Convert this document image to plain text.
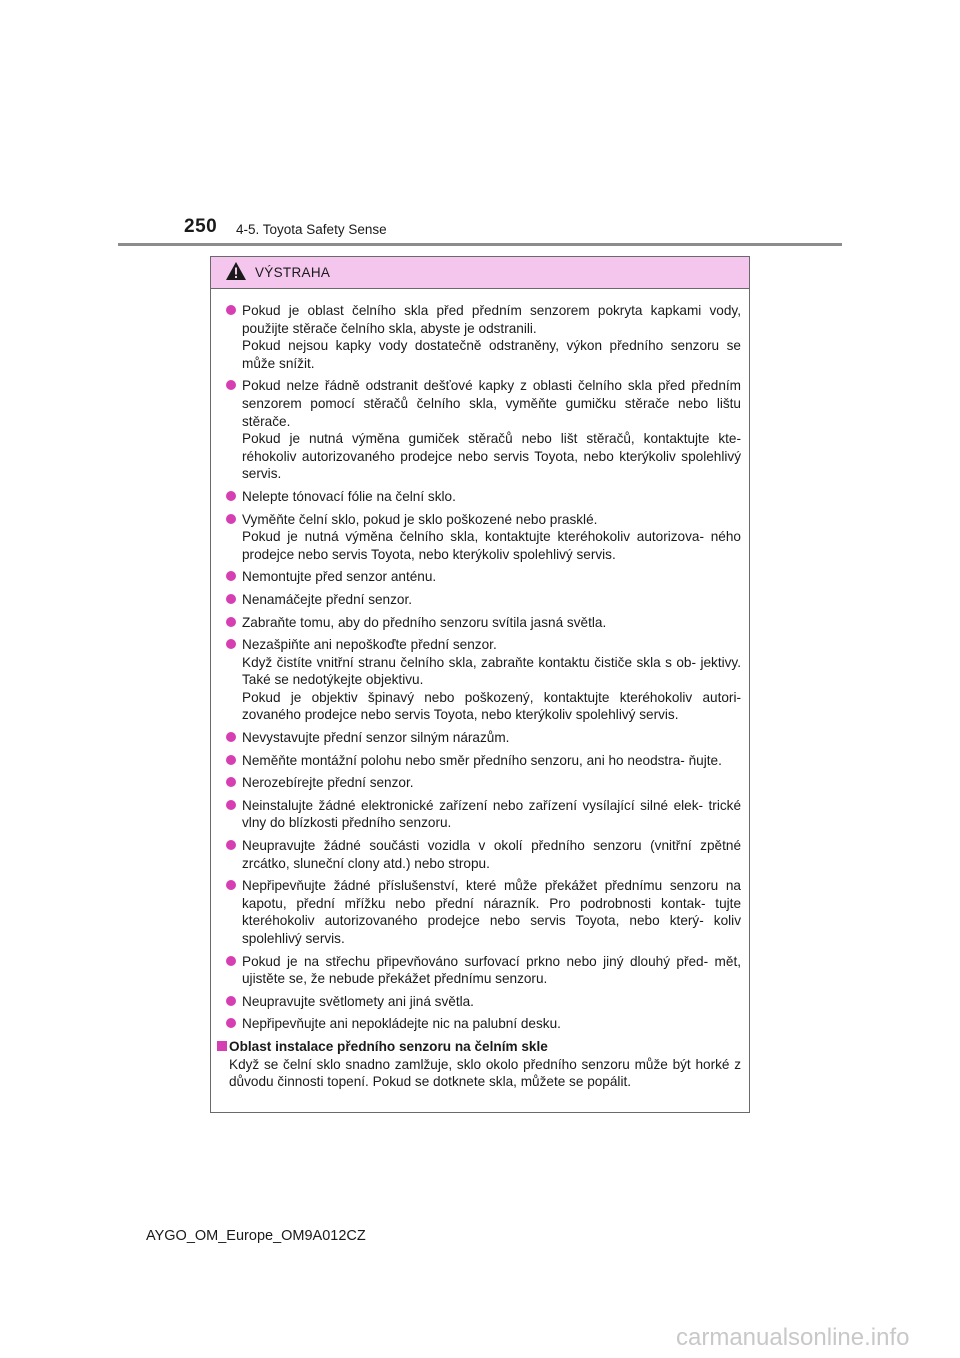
250 4-5. Toyota Safety Sense
VÝSTRAHA

Pokud je oblast čelního skla před předním senzorem pokryta kapkami vody, použijte stěrače čelního skla, abyste je odstranili.

Pokud nejsou kapky vody dostatečně odstraněny, výkon předního senzoru se může snížit.

Pokud nelze řádně odstranit dešťové kapky z oblasti čelního skla před předním senzorem pomocí stěračů čelního skla, vyměňte gumičku stěrače nebo lištu stěrače.

Pokud je nutná výměna gumiček stěračů nebo lišt stěračů, kontaktujte kte- réhokoliv autorizovaného prodejce nebo servis Toyota, nebo kterýkoliv spolehlivý servis.

Nelepte tónovací fólie na čelní sklo.

Vyměňte čelní sklo, pokud je sklo poškozené nebo prasklé.

Pokud je nutná výměna čelního skla, kontaktujte kteréhokoliv autorizova- ného prodejce nebo servis Toyota, nebo kterýkoliv spolehlivý servis.

Nemontujte před senzor anténu.

Nenamáčejte přední senzor.

Zabraňte tomu, aby do předního senzoru svítila jasná světla.

Nezašpiňte ani nepoškoďte přední senzor.

Když čistíte vnitřní stranu čelního skla, zabraňte kontaktu čističe skla s ob- jektivy. Také se nedotýkejte objektivu.

Pokud je objektiv špinavý nebo poškozený, kontaktujte kteréhokoliv autori- zovaného prodejce nebo servis Toyota, nebo kterýkoliv spolehlivý servis.

Nevystavujte přední senzor silným nárazům.

Neměňte montážní polohu nebo směr předního senzoru, ani ho neodstra- ňujte.

Nerozebírejte přední senzor.

Neinstalujte žádné elektronické zařízení nebo zařízení vysílající silné elek- trické vlny do blízkosti předního senzoru.

Neupravujte žádné součásti vozidla v okolí předního senzoru (vnitřní zpětné zrcátko, sluneční clony atd.) nebo stropu.

Nepřipevňujte žádné příslušenství, které může překážet přednímu senzoru na kapotu, přední mřížku nebo přední nárazník. Pro podrobnosti kontak- tujte kteréhokoliv autorizovaného prodejce nebo servis Toyota, nebo který- koliv spolehlivý servis.

Pokud je na střechu připevňováno surfovací prkno nebo jiný dlouhý před- mět, ujistěte se, že nebude překážet přednímu senzoru.

Neupravujte světlomety ani jiná světla.

Nepřipevňujte ani nepokládejte nic na palubní desku.

Oblast instalace předního senzoru na čelním skle

Když se čelní sklo snadno zamlžuje, sklo okolo předního senzoru může být horké z důvodu činnosti topení. Pokud se dotknete skla, můžete se popálit.

AYGO_OM_Europe_OM9A012CZ
carmanualsonline.info
